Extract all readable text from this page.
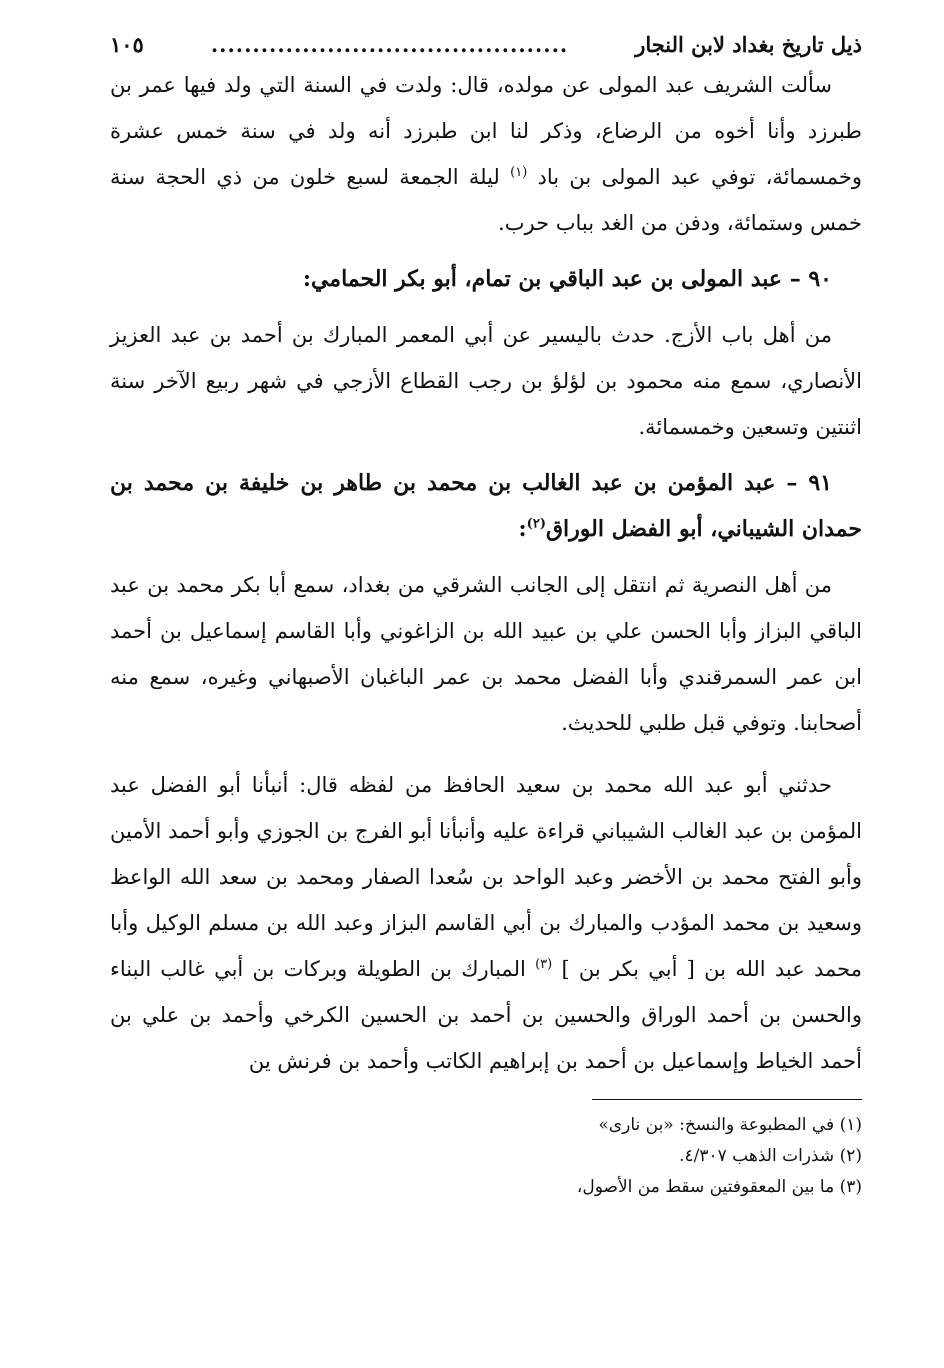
ذيل تاريخ بغداد لابن النجار
...........................................
١٠٥

سألت الشريف عبد المولى عن مولده، قال: ولدت في السنة التي ولد فيها عمر بن طبرزد وأنا أخوه من الرضاع، وذكر لنا ابن طبرزد أنه ولد في سنة خمس عشرة وخمسمائة، توفي عبد المولى بن باد $^{(١)}$ ليلة الجمعة لسبع خلون من ذي الحجة سنة خمس وستمائة، ودفن من الغد بباب حرب.

٩٠ – عبد المولى بن عبد الباقي بن تمام، أبو بكر الحمامي:

من أهل باب الأزج. حدث باليسير عن أبي المعمر المبارك بن أحمد بن عبد العزيز الأنصاري، سمع منه محمود بن لؤلؤ بن رجب القطاع الأزجي في شهر ربيع الآخر سنة اثنتين وتسعين وخمسمائة.

٩١ – عبد المؤمن بن عبد الغالب بن محمد بن طاهر بن خليفة بن محمد بن حمدان الشيباني، أبو الفضل الوراق$^{(٢)}$:

من أهل النصرية ثم انتقل إلى الجانب الشرقي من بغداد، سمع أبا بكر محمد بن عبد الباقي البزاز وأبا الحسن علي بن عبيد الله بن الزاغوني وأبا القاسم إسماعيل بن أحمد ابن عمر السمرقندي وأبا الفضل محمد بن عمر الباغبان الأصبهاني وغيره، سمع منه أصحابنا. وتوفي قبل طلبي للحديث.

حدثني أبو عبد الله محمد بن سعيد الحافظ من لفظه قال: أنبأنا أبو الفضل عبد المؤمن بن عبد الغالب الشيباني قراءة عليه وأنبأنا أبو الفرج بن الجوزي وأبو أحمد الأمين وأبو الفتح محمد بن الأخضر وعبد الواحد بن سُعدا الصفار ومحمد بن سعد الله الواعظ وسعيد بن محمد المؤدب والمبارك بن أبي القاسم البزاز وعبد الله بن مسلم الوكيل وأبا محمد عبد الله بن [ أبي بكر بن ] $^{(٣)}$ المبارك بن الطويلة وبركات بن أبي غالب البناء والحسن بن أحمد الوراق والحسين بن أحمد بن الحسين الكرخي وأحمد بن علي بن أحمد الخياط وإسماعيل بن أحمد بن إبراهيم الكاتب وأحمد بن فرنش ين

(١) في المطبوعة والنسخ: «بن نارى»
(٢) شذرات الذهب ٤/٣٠٧.
(٣) ما بين المعقوفتين سقط من الأصول،
